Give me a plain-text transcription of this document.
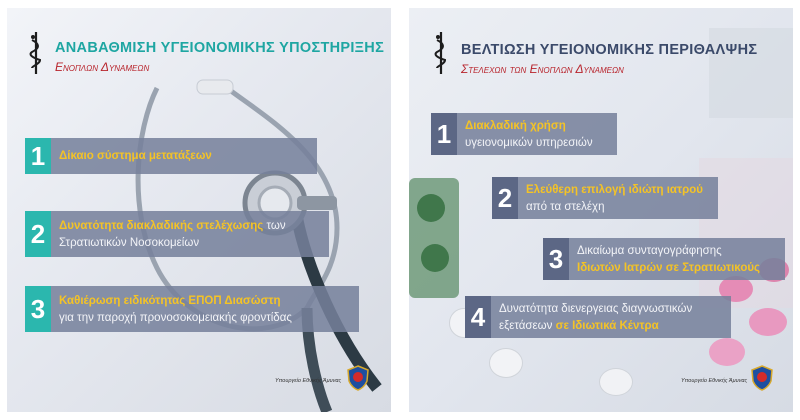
ΑΝΑΒΑΘΜΙΣΗ ΥΓΕΙΟΝΟΜΙΚΗΣ ΥΠΟΣΤΗΡΙΞΗΣ
Ενοπλων Δυναμεων
1	Δίκαιο σύστημα μετατάξεων
2	Δυνατότητα διακλαδικής στελέχωσης των
Στρατιωτικών Νοσοκομείων
3	Καθιέρωση ειδικότητας ΕΠΟΠ Διασώστη
για την παροχή προνοσοκομειακής φροντίδας
Υπουργείο Εθνικής Άμυνας
ΒΕΛΤΙΩΣΗ ΥΓΕΙΟΝΟΜΙΚΗΣ ΠΕΡΙΘΑΛΨΗΣ
Στελεχων των Ενοπλων Δυναμεων
1	Διακλαδική χρήση
υγειονομικών υπηρεσιών
2	Ελεύθερη επιλογή ιδιώτη ιατρού
από τα στελέχη
3	Δικαίωμα συνταγογράφησης
Ιδιωτών Ιατρών σε Στρατιωτικούς
4	Δυνατότητα διενεργειας διαγνωστικών
εξετάσεων σε Ιδιωτικά Κέντρα
Υπουργείο Εθνικής Άμυνας
